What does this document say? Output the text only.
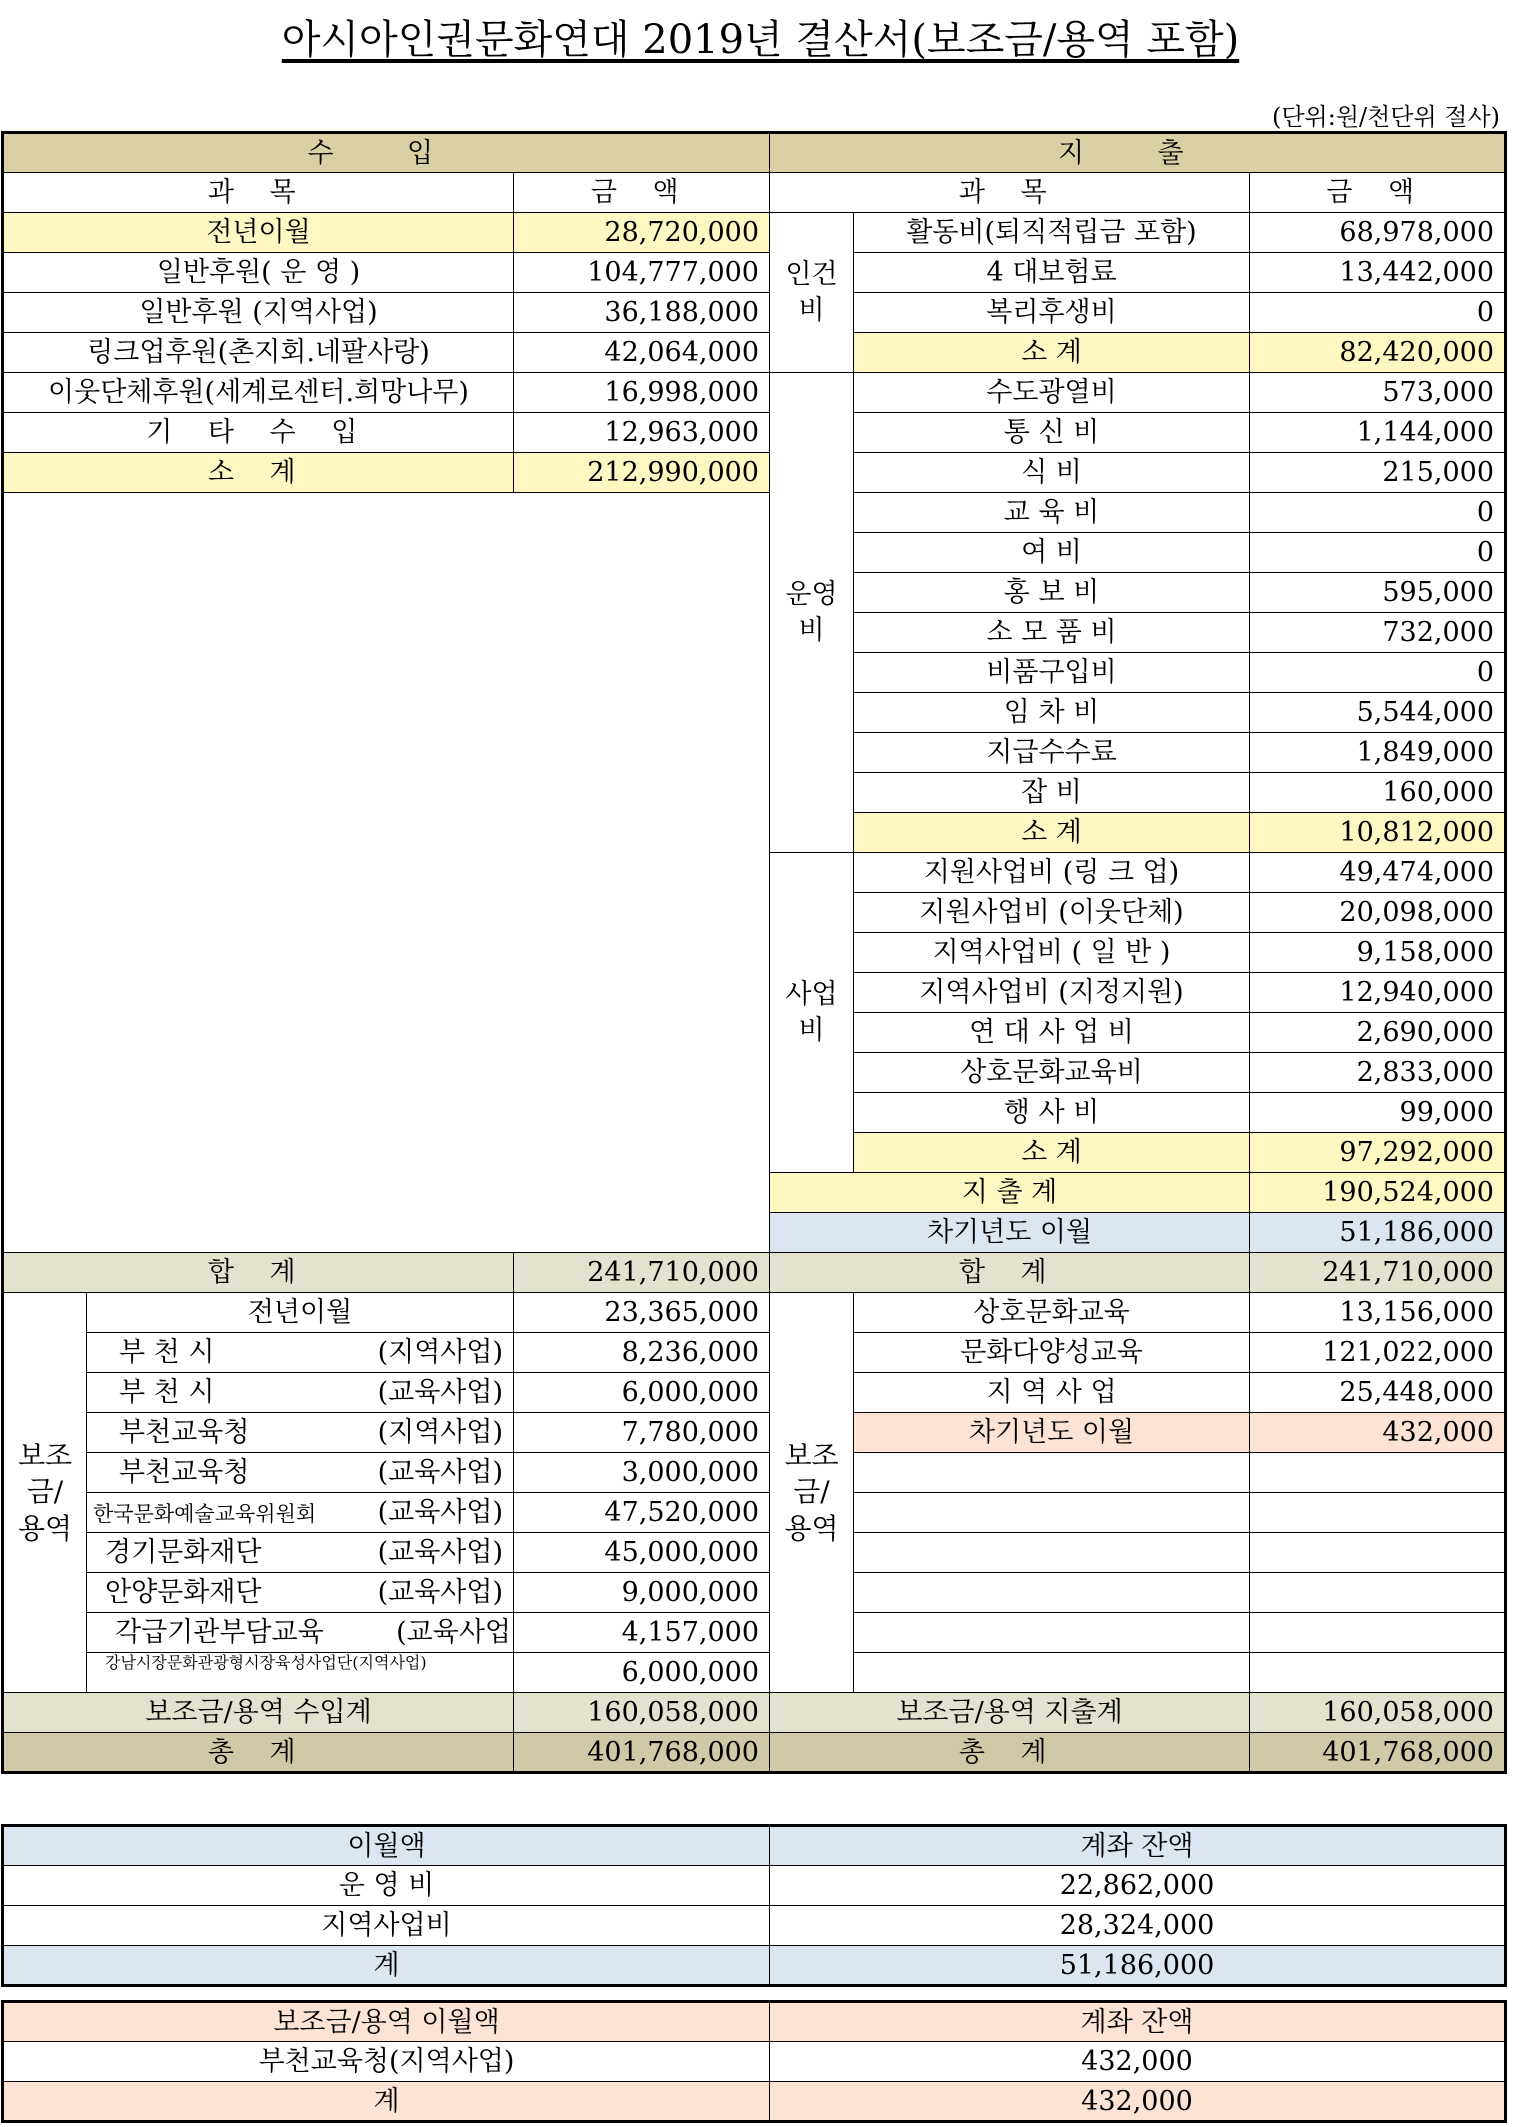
아시아인권문화연대 2019년 결산서(보조금/용역 포함)
(단위:원/천단위 절사)
수 입			지 출		
과 목		금 액	과 목		금 액
전년이월		28,720,000	인건비	활동비(퇴직적립금 포함)	68,978,000
일반후원( 운 영 )		104,777,000		4 대보험료	13,442,000
일반후원 (지역사업)		36,188,000		복리후생비	0
링크업후원(촌지회.네팔사랑)		42,064,000		소 계	82,420,000
이웃단체후원(세계로센터.희망나무)		16,998,000	운영비	수도광열비	573,000
기 타 수 입		12,963,000		통 신 비	1,144,000
소 계		212,990,000		식 비	215,000
				교 육 비	0
				여 비	0
				홍 보 비	595,000
				소 모 품 비	732,000
				비품구입비	0
				임 차 비	5,544,000
				지급수수료	1,849,000
				잡 비	160,000
				소 계	10,812,000
			사업비	지원사업비 (링 크 업)	49,474,000
				지원사업비 (이웃단체)	20,098,000
				지역사업비 ( 일 반 )	9,158,000
				지역사업비 (지정지원)	12,940,000
				연 대 사 업 비	2,690,000
				상호문화교육비	2,833,000
				행 사 비	99,000
				소 계	97,292,000
			지 출 계		190,524,000
			차기년도 이월		51,186,000
합 계		241,710,000	합 계		241,710,000
보조금/용역	전년이월	23,365,000	보조금/용역	상호문화교육	13,156,000
	부 천 시 (지역사업)	8,236,000		문화다양성교육	121,022,000
	부 천 시 (교육사업)	6,000,000		지 역 사 업	25,448,000
	부천교육청 (지역사업)	7,780,000		차기년도 이월	432,000
	부천교육청 (교육사업)	3,000,000			
	한국문화예술교육위원회 (교육사업)	47,520,000			
	경기문화재단 (교육사업)	45,000,000			
	안양문화재단 (교육사업)	9,000,000			
	각급기관부담교육 (교육사업	4,157,000			
	강남시장문화관광형시장육성사업단(지역사업)	6,000,000			
보조금/용역 수입계		160,058,000	보조금/용역 지출계		160,058,000
총 계		401,768,000	총 계		401,768,000
이월액	계좌 잔액
운 영 비	22,862,000
지역사업비	28,324,000
계	51,186,000
보조금/용역 이월액	계좌 잔액
부천교육청(지역사업)	432,000
계	432,000
